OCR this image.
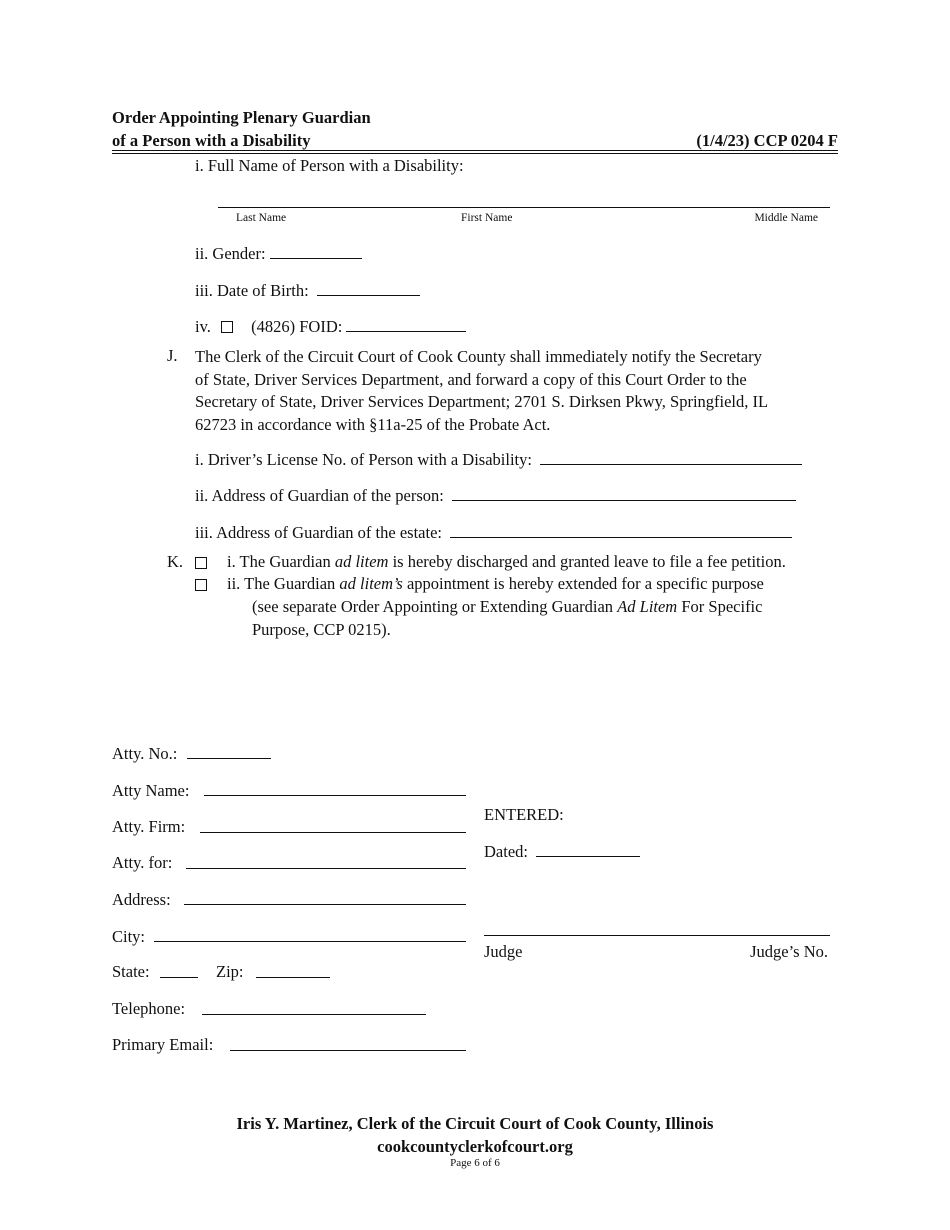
Order Appointing Plenary Guardian
of a Person with a Disability	(1/4/23) CCP 0204 F
i. Full Name of Person with a Disability:
Last Name	First Name	Middle Name
ii. Gender:
iii. Date of Birth:
iv. (4826) FOID:
J. The Clerk of the Circuit Court of Cook County shall immediately notify the Secretary
of State, Driver Services Department, and forward a copy of this Court Order to the
Secretary of State, Driver Services Department; 2701 S. Dirksen Pkwy, Springfield, IL
62723 in accordance with §11a-25 of the Probate Act.
i. Driver’s License No. of Person with a Disability:
ii. Address of Guardian of the person:
iii. Address of Guardian of the estate:
K.	i. The Guardian ad litem is hereby discharged and granted leave to file a fee petition.
ii. The Guardian ad litem’s appointment is hereby extended for a specific purpose
(see separate Order Appointing or Extending Guardian Ad Litem For Specific
Purpose, CCP 0215).
Atty. No.:
Atty Name:
Atty. Firm:
Atty. for:
Address:
City:
State:	Zip:
Telephone:
Primary Email:
ENTERED:
Dated:
Judge	Judge’s No.
Iris Y. Martinez, Clerk of the Circuit Court of Cook County, Illinois
cookcountyclerkofcourt.org
Page 6 of 6
